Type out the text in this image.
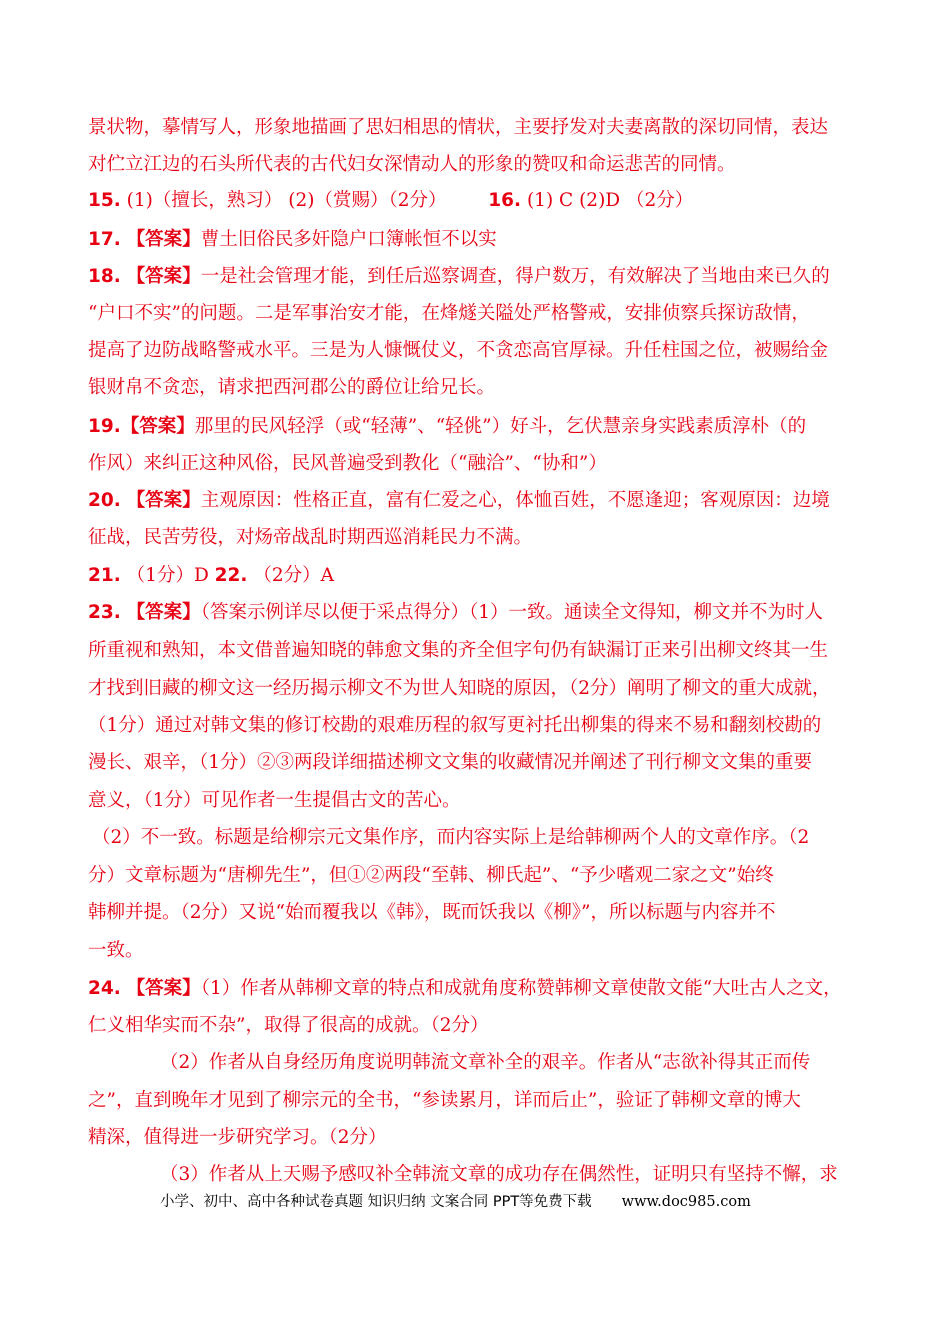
景状物，摹情写人，形象地描画了思妇相思的情状，主要抒发对夫妻离散的深切同情，表达
对伫立江边的石头所代表的古代妇女深情动人的形象的赞叹和命运悲苦的同情。
15. (1)（擅长，熟习） (2)（赏赐）（2分） 16. (1) C (2)D （2分）
17. 【答案】曹土旧俗民多奸隐户口簿帐恒不以实
18. 【答案】一是社会管理才能，到任后巡察调查，得户数万，有效解决了当地由来已久的
“户口不实”的问题。二是军事治安才能，在烽燧关隘处严格警戒，安排侦察兵探访敌情，
提高了边防战略警戒水平。三是为人慷慨仗义，不贪恋高官厚禄。升任柱国之位，被赐给金
银财帛不贪恋，请求把西河郡公的爵位让给兄长。
19.【答案】那里的民风轻浮（或“轻薄”、“轻佻”）好斗，乞伏慧亲身实践素质淳朴（的
作风）来纠正这种风俗，民风普遍受到教化（“融洽”、“协和”）
20. 【答案】主观原因：性格正直，富有仁爱之心，体恤百姓，不愿逢迎；客观原因：边境
征战，民苦劳役，对炀帝战乱时期西巡消耗民力不满。
21. （1分）D 22. （2分）A
23. 【答案】（答案示例详尽以便于采点得分）（1）一致。通读全文得知，柳文并不为时人
所重视和熟知，本文借普遍知晓的韩愈文集的齐全但字句仍有缺漏订正来引出柳文终其一生
才找到旧藏的柳文这一经历揭示柳文不为世人知晓的原因，（2分）阐明了柳文的重大成就，
（1分）通过对韩文集的修订校勘的艰难历程的叙写更衬托出柳集的得来不易和翻刻校勘的
漫长、艰辛，（1分）②③两段详细描述柳文文集的收藏情况并阐述了刊行柳文文集的重要
意义，（1分）可见作者一生提倡古文的苦心。
（2）不一致。标题是给柳宗元文集作序，而内容实际上是给韩柳两个人的文章作序。（2
分）文章标题为“唐柳先生”，但①②两段“至韩、柳氏起”、“予少嗜观二家之文”始终
韩柳并提。（2分）又说“始而覆我以《韩》，既而饫我以《柳》”，所以标题与内容并不
一致。
24. 【答案】（1）作者从韩柳文章的特点和成就角度称赞韩柳文章使散文能“大吐古人之文，
仁义相华实而不杂”，取得了很高的成就。（2分）
（2）作者从自身经历角度说明韩流文章补全的艰辛。作者从“志欲补得其正而传
之”，直到晚年才见到了柳宗元的全书，“参读累月，详而后止”，验证了韩柳文章的博大
精深，值得进一步研究学习。（2分）
（3）作者从上天赐予感叹补全韩流文章的成功存在偶然性，证明只有坚持不懈，求
小学、初中、高中各种试卷真题 知识归纳 文案合同 PPT等免费下载 www.doc985.com
